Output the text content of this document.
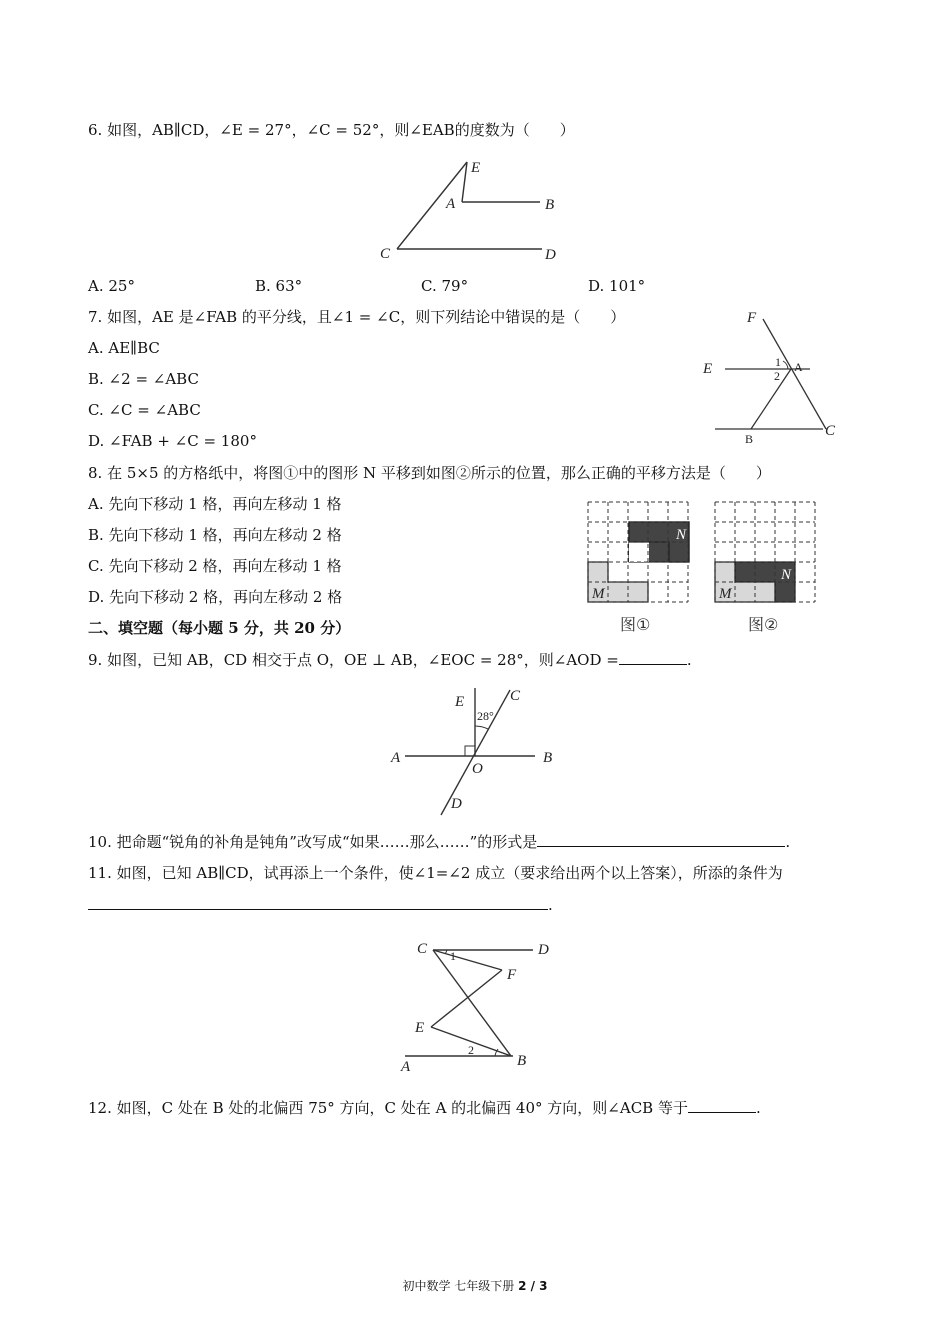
6. 如图，AB∥CD，∠E = 27°，∠C = 52°，则∠EAB的度数为（　　）
E
A	B
C	D
A. 25°	B. 63°	C. 79°	D. 101°
7. 如图，AE 是∠FAB 的平分线，且∠1 = ∠C，则下列结论中错误的是（　　）
A. AE∥BC
B. ∠2 = ∠ABC
C. ∠C = ∠ABC
D. ∠FAB + ∠C = 180°
F
E	A
1
2
B	C
8. 在 5×5 的方格纸中，将图①中的图形 N 平移到如图②所示的位置，那么正确的平移方法是（　　）
A. 先向下移动 1 格，再向左移动 1 格
B. 先向下移动 1 格，再向左移动 2 格
C. 先向下移动 2 格，再向左移动 1 格
D. 先向下移动 2 格，再向左移动 2 格
N
M
N
M
图①	图②
二、填空题（每小题 5 分，共 20 分）
9. 如图，已知 AB，CD 相交于点 O，OE ⊥ AB，∠EOC = 28°，则∠AOD =	.
E	C
28°
A
O
B
D
10. 把命题“锐角的补角是钝角”改写成“如果……那么……”的形式是	.
11. 如图，已知 AB∥CD，试再添上一个条件，使∠1=∠2 成立（要求给出两个以上答案），所添的条件为
.
C 1	D
F
E
2
B
A
12. 如图，C 处在 B 处的北偏西 75° 方向，C 处在 A 的北偏西 40° 方向，则∠ACB 等于	.
初中数学 七年级下册 2 / 3
